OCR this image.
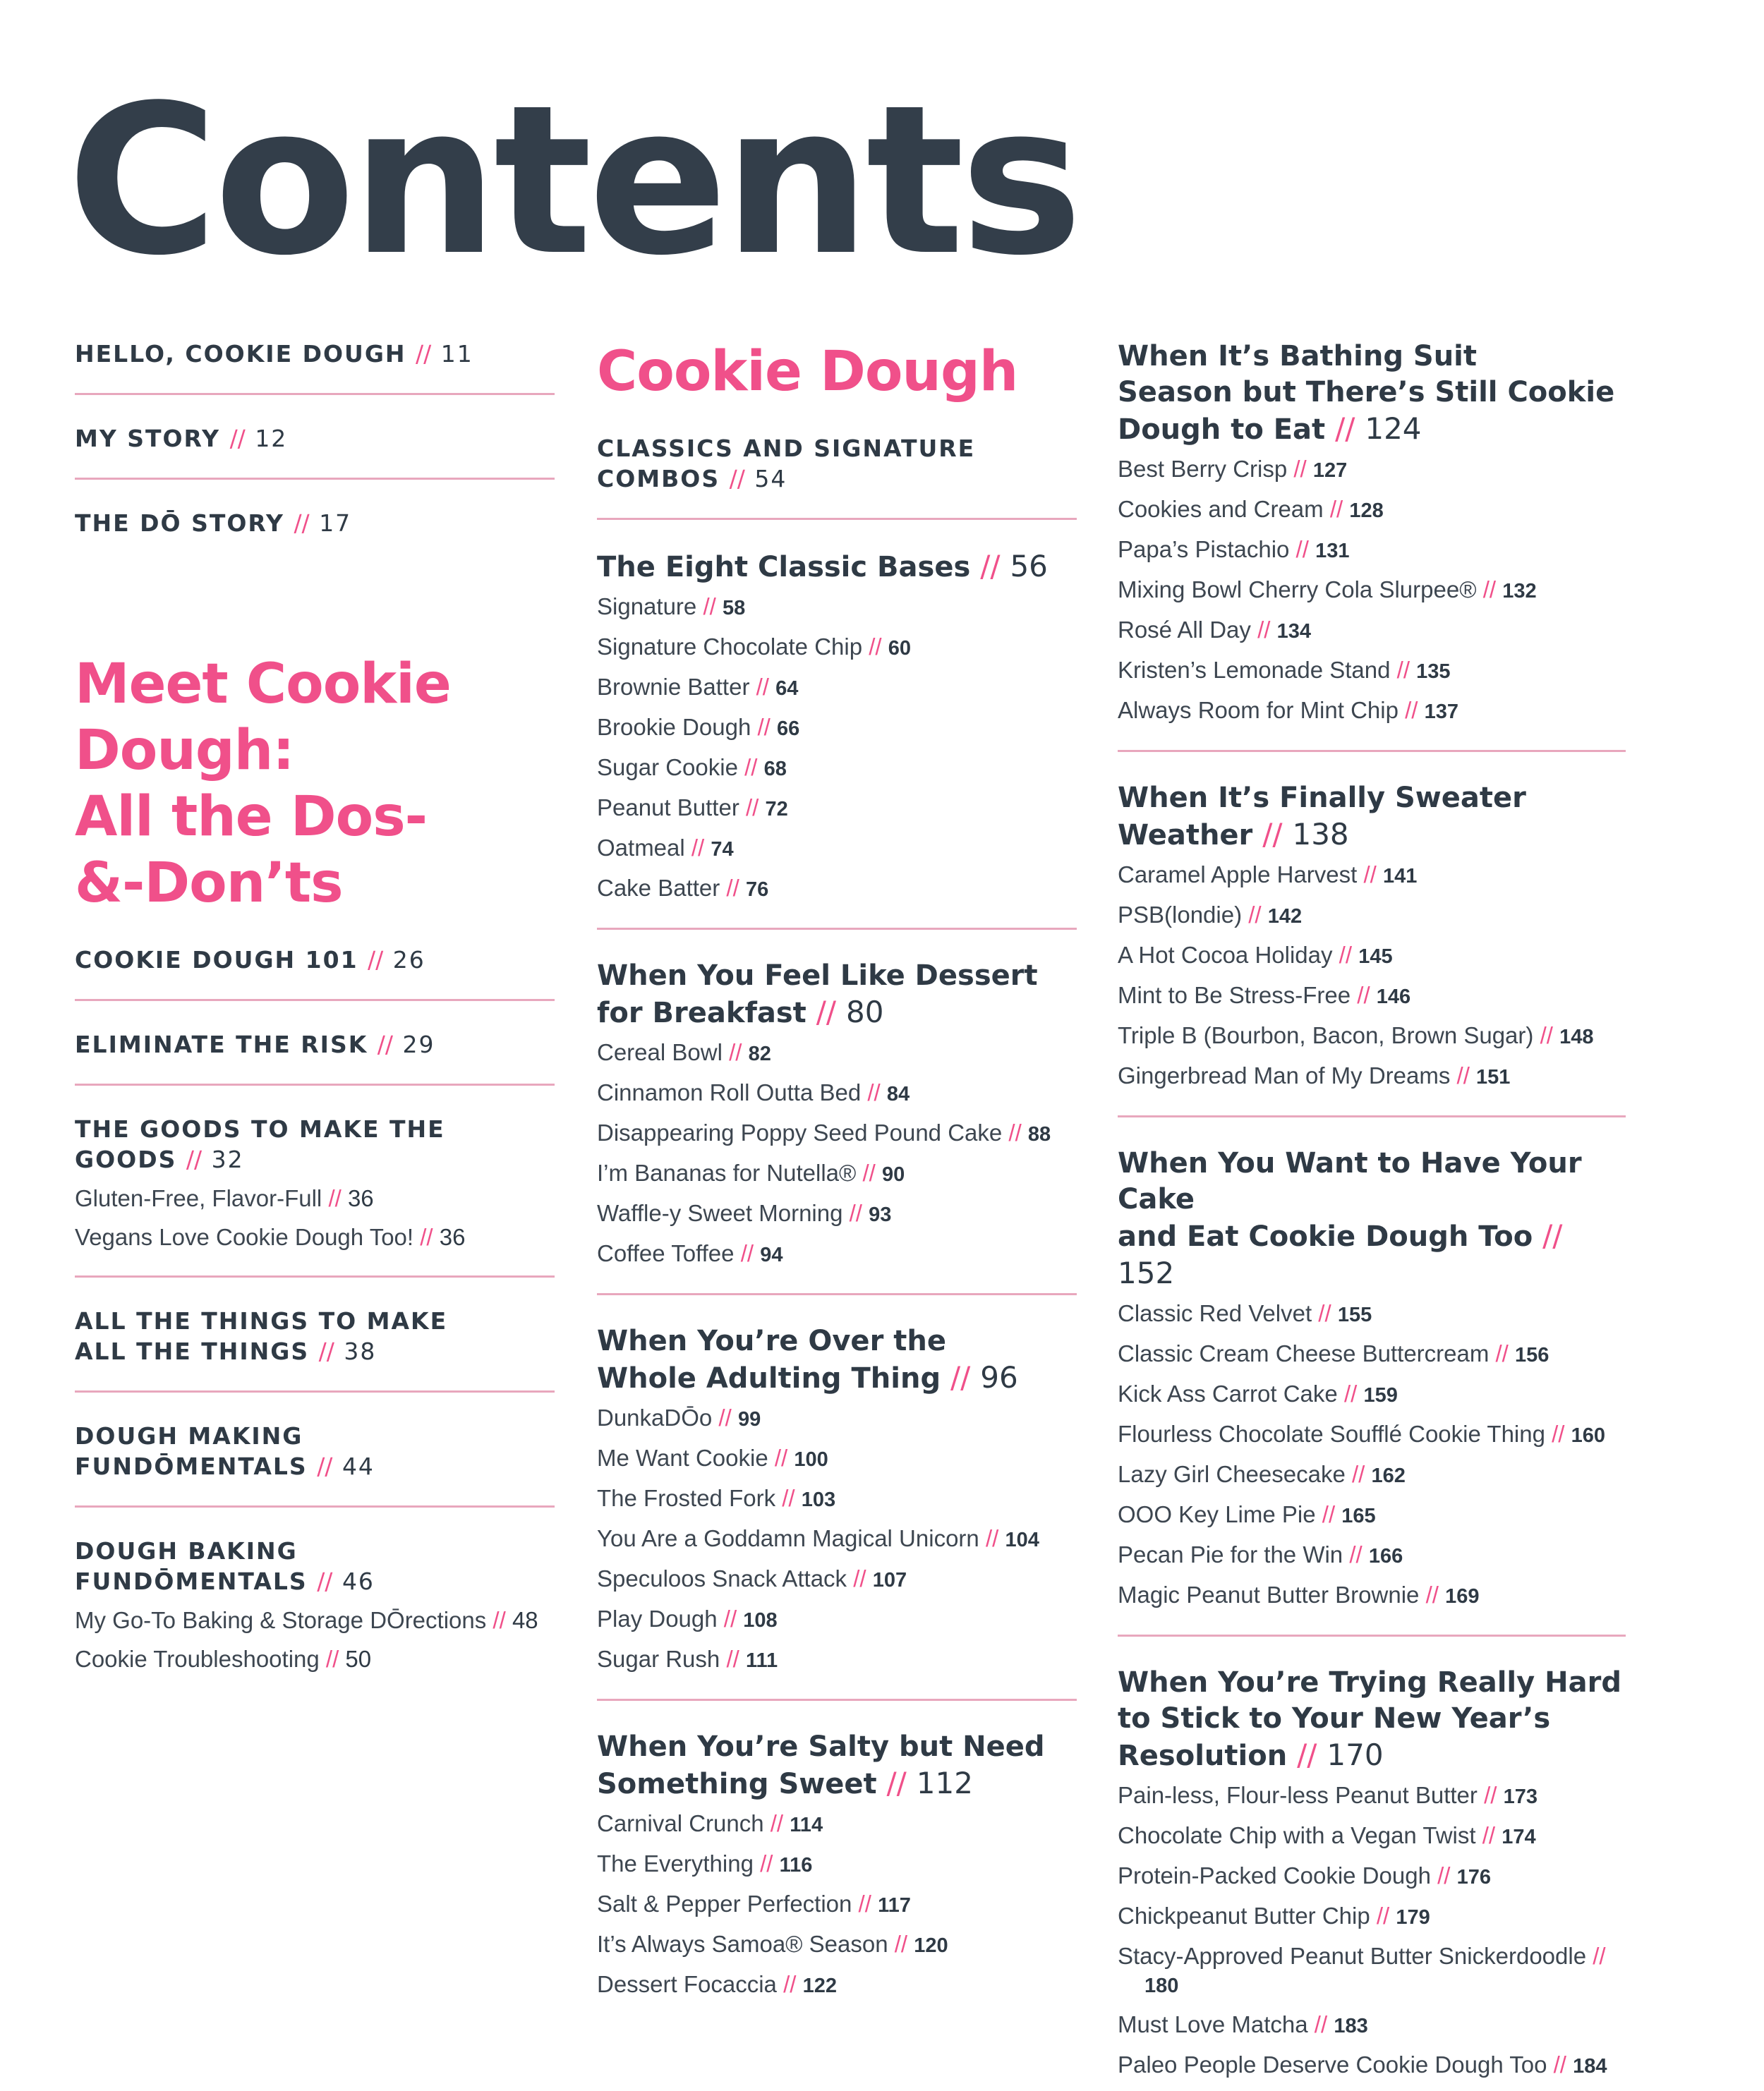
Contents
HELLO, COOKIE DOUGH // 11
MY STORY // 12
THE DŌ STORY // 17
Meet Cookie
Dough:
All the Dos-
&-Don’ts
COOKIE DOUGH 101 // 26
ELIMINATE THE RISK // 29
THE GOODS TO MAKE THE
GOODS // 32
Gluten-Free, Flavor-Full // 36
Vegans Love Cookie Dough Too! // 36
ALL THE THINGS TO MAKE
ALL THE THINGS // 38
DOUGH MAKING
FUNDŌMENTALS // 44
DOUGH BAKING
FUNDŌMENTALS // 46
My Go-To Baking & Storage DŌrections // 48
Cookie Troubleshooting // 50
Cookie Dough
CLASSICS AND SIGNATURE
COMBOS // 54
The Eight Classic Bases // 56
Signature // 58
Signature Chocolate Chip // 60
Brownie Batter // 64
Brookie Dough // 66
Sugar Cookie // 68
Peanut Butter // 72
Oatmeal // 74
Cake Batter // 76
When You Feel Like Dessert
for Breakfast // 80
Cereal Bowl // 82
Cinnamon Roll Outta Bed // 84
Disappearing Poppy Seed Pound Cake // 88
I’m Bananas for Nutella® // 90
Waffle-y Sweet Morning // 93
Coffee Toffee // 94
When You’re Over the
Whole Adulting Thing // 96
DunkaDŌo // 99
Me Want Cookie // 100
The Frosted Fork // 103
You Are a Goddamn Magical Unicorn // 104
Speculoos Snack Attack // 107
Play Dough // 108
Sugar Rush // 111
When You’re Salty but Need
Something Sweet // 112
Carnival Crunch // 114
The Everything // 116
Salt & Pepper Perfection // 117
It’s Always Samoa® Season // 120
Dessert Focaccia // 122
When It’s Bathing Suit
Season but There’s Still Cookie
Dough to Eat // 124
Best Berry Crisp // 127
Cookies and Cream // 128
Papa’s Pistachio // 131
Mixing Bowl Cherry Cola Slurpee® // 132
Rosé All Day // 134
Kristen’s Lemonade Stand // 135
Always Room for Mint Chip // 137
When It’s Finally Sweater
Weather // 138
Caramel Apple Harvest // 141
PSB(londie) // 142
A Hot Cocoa Holiday // 145
Mint to Be Stress-Free // 146
Triple B (Bourbon, Bacon, Brown Sugar) // 148
Gingerbread Man of My Dreams // 151
When You Want to Have Your Cake
and Eat Cookie Dough Too // 152
Classic Red Velvet // 155
Classic Cream Cheese Buttercream // 156
Kick Ass Carrot Cake // 159
Flourless Chocolate Soufflé Cookie Thing // 160
Lazy Girl Cheesecake // 162
OOO Key Lime Pie // 165
Pecan Pie for the Win // 166
Magic Peanut Butter Brownie // 169
When You’re Trying Really Hard
to Stick to Your New Year’s
Resolution // 170
Pain-less, Flour-less Peanut Butter // 173
Chocolate Chip with a Vegan Twist // 174
Protein-Packed Cookie Dough // 176
Chickpeanut Butter Chip // 179
Stacy-Approved Peanut Butter Snickerdoodle // 180
Must Love Matcha // 183
Paleo People Deserve Cookie Dough Too // 184
